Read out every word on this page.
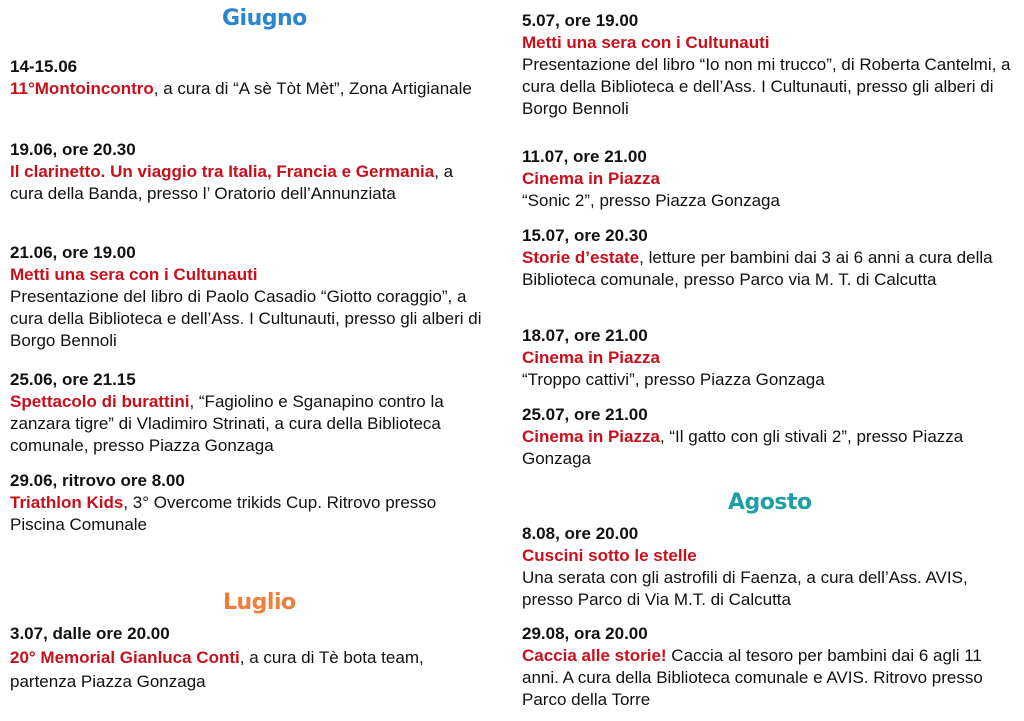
Giugno
14-15.06
11°Montoincontro, a cura di “A sè Tòt Mèt”, Zona Artigianale
19.06, ore 20.30
Il clarinetto. Un viaggio tra Italia, Francia e Germania, a cura della Banda, presso l’ Oratorio dell’Annunziata
21.06, ore 19.00
Metti una sera con i Cultunauti
Presentazione del libro di Paolo Casadio “Giotto coraggio”, a cura della Biblioteca e dell’Ass. I Cultunauti, presso gli alberi di Borgo Bennoli
25.06, ore 21.15
Spettacolo di burattini, “Fagiolino e Sganapino contro la zanzara tigre” di Vladimiro Strinati, a cura della Biblioteca comunale, presso Piazza Gonzaga
29.06, ritrovo ore 8.00
Triathlon Kids, 3° Overcome trikids Cup. Ritrovo presso Piscina Comunale
Luglio
3.07, dalle ore 20.00
20° Memorial Gianluca Conti, a cura di Tè bota team, partenza Piazza Gonzaga
5.07, ore 19.00
Metti una sera con i Cultunauti
Presentazione del libro “Io non mi trucco”, di Roberta Cantelmi, a cura della Biblioteca e dell’Ass. I Cultunauti, presso gli alberi di Borgo Bennoli
11.07, ore 21.00
Cinema in Piazza
“Sonic 2”, presso Piazza Gonzaga
15.07, ore 20.30
Storie d’estate, letture per bambini dai 3 ai 6 anni a cura della Biblioteca comunale, presso Parco via M. T. di Calcutta
18.07, ore 21.00
Cinema in Piazza
“Troppo cattivi”, presso Piazza Gonzaga
25.07, ore 21.00
Cinema in Piazza, “Il gatto con gli stivali 2”, presso Piazza Gonzaga
Agosto
8.08, ore 20.00
Cuscini sotto le stelle
Una serata con gli astrofili di Faenza, a cura dell’Ass. AVIS, presso Parco di Via M.T. di Calcutta
29.08, ora 20.00
Caccia alle storie! Caccia al tesoro per bambini dai 6 agli 11 anni. A cura della Biblioteca comunale e AVIS. Ritrovo presso Parco della Torre
